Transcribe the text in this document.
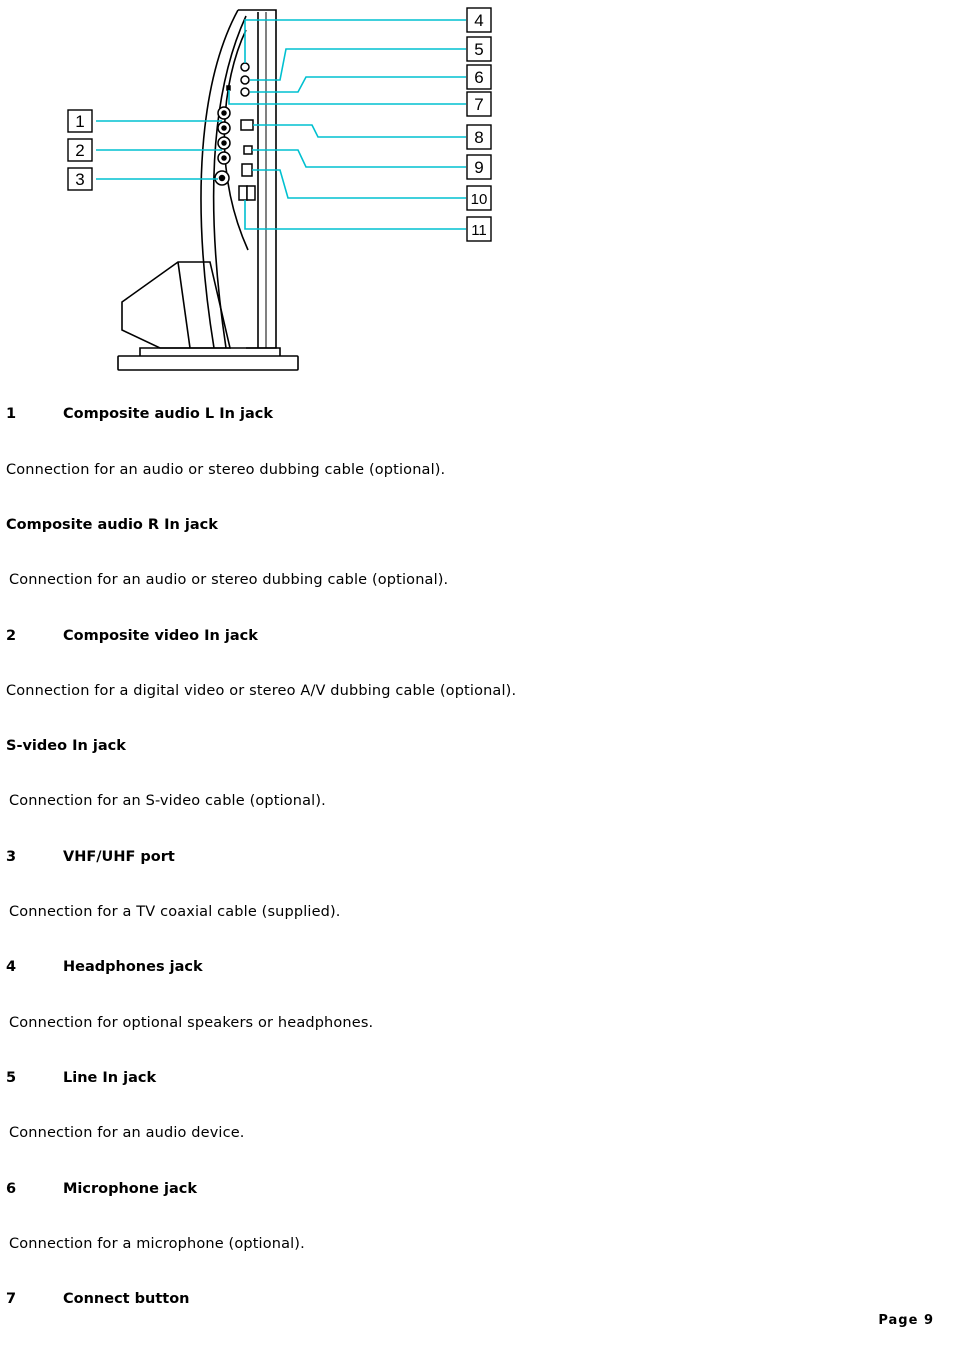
1
2
3
4
5
6
7
8
9
10
11
1	Composite audio L In jack
Connection for an audio or stereo dubbing cable (optional).
Composite audio R In jack
Connection for an audio or stereo dubbing cable (optional).
2	Composite video In jack
Connection for a digital video or stereo A/V dubbing cable (optional).
S-video In jack
Connection for an S-video cable (optional).
3	VHF/UHF port
Connection for a TV coaxial cable (supplied).
4	Headphones jack
Connection for optional speakers or headphones.
5	Line In jack
Connection for an audio device.
6	Microphone jack
Connection for a microphone (optional).
7	Connect button
Page 9
